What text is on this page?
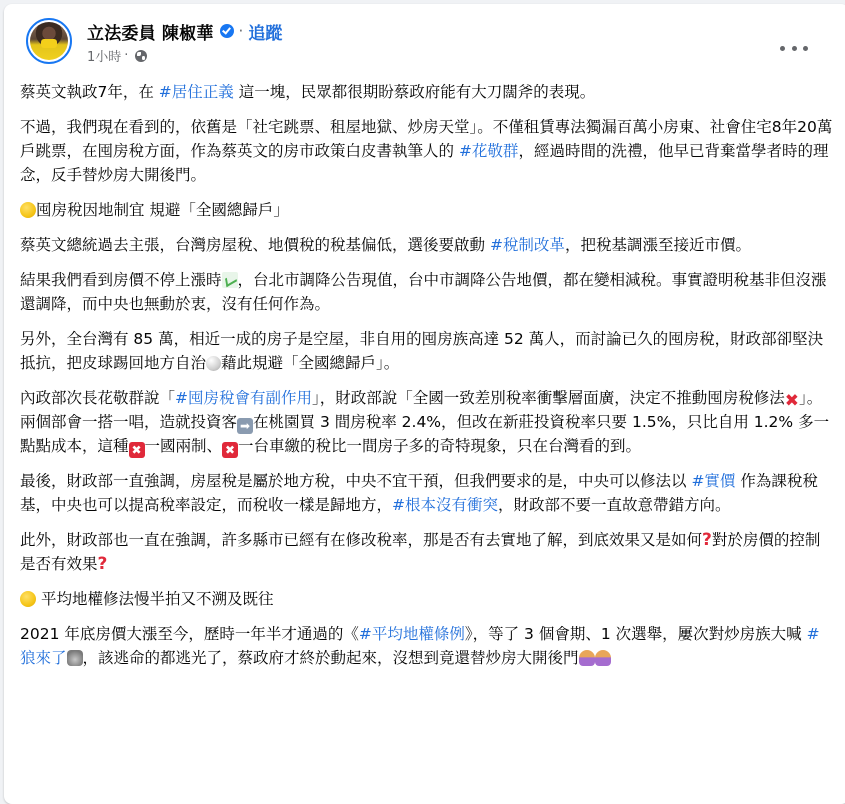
立法委員 陳椒華 · 追蹤
1小時 ·

蔡英文執政7年，在 #居住正義 這一塊，民眾都很期盼蔡政府能有大刀闊斧的表現。

不過，我們現在看到的，依舊是「社宅跳票、租屋地獄、炒房天堂」。不僅租賃專法獨漏百萬小房東、社會住宅8年20萬戶跳票，在囤房稅方面，作為蔡英文的房市政策白皮書執筆人的 #花敬群，經過時間的洗禮，他早已背棄當學者時的理念，反手替炒房大開後門。

囤房稅因地制宜 規避「全國總歸戶」

蔡英文總統過去主張，台灣房屋稅、地價稅的稅基偏低，選後要啟動 #稅制改革，把稅基調漲至接近市價。

結果我們看到房價不停上漲時 ，台北市調降公告現值，台中市調降公告地價，都在變相減稅。事實證明稅基非但沒漲還調降，而中央也無動於衷，沒有任何作為。

另外，全台灣有 85 萬，相近一成的房子是空屋，非自用的囤房族高達 52 萬人，而討論已久的囤房稅，財政部卻堅決抵抗，把皮球踢回地方自治 藉此規避「全國總歸戶」。

內政部次長花敬群說「#囤房稅會有副作用」，財政部說「全國一致差別稅率衝擊層面廣，決定不推動囤房稅修法✖」。兩個部會一搭一唱，造就投資客 ➡ 在桃園買 3 間房稅率 2.4%，但改在新莊投資稅率只要 1.5%，只比自用 1.2% 多一點點成本，這種 ✖ 一國兩制、 ✖ 一台車繳的稅比一間房子多的奇特現象，只在台灣看的到。

最後，財政部一直強調，房屋稅是屬於地方稅，中央不宜干預，但我們要求的是，中央可以修法以 #實價 作為課稅稅基，中央也可以提高稅率設定，而稅收一樣是歸地方，#根本沒有衝突，財政部不要一直故意帶錯方向。

此外，財政部也一直在強調，許多縣市已經有在修改稅率，那是否有去實地了解，到底效果又是如何?對於房價的控制是否有效果?

平均地權修法慢半拍又不溯及既往

2021 年底房價大漲至今，歷時一年半才通過的《#平均地權條例》，等了 3 個會期、1 次選舉，屢次對炒房族大喊 #狼來了 ，該逃命的都逃光了，蔡政府才終於動起來，沒想到竟還替炒房大開後門
